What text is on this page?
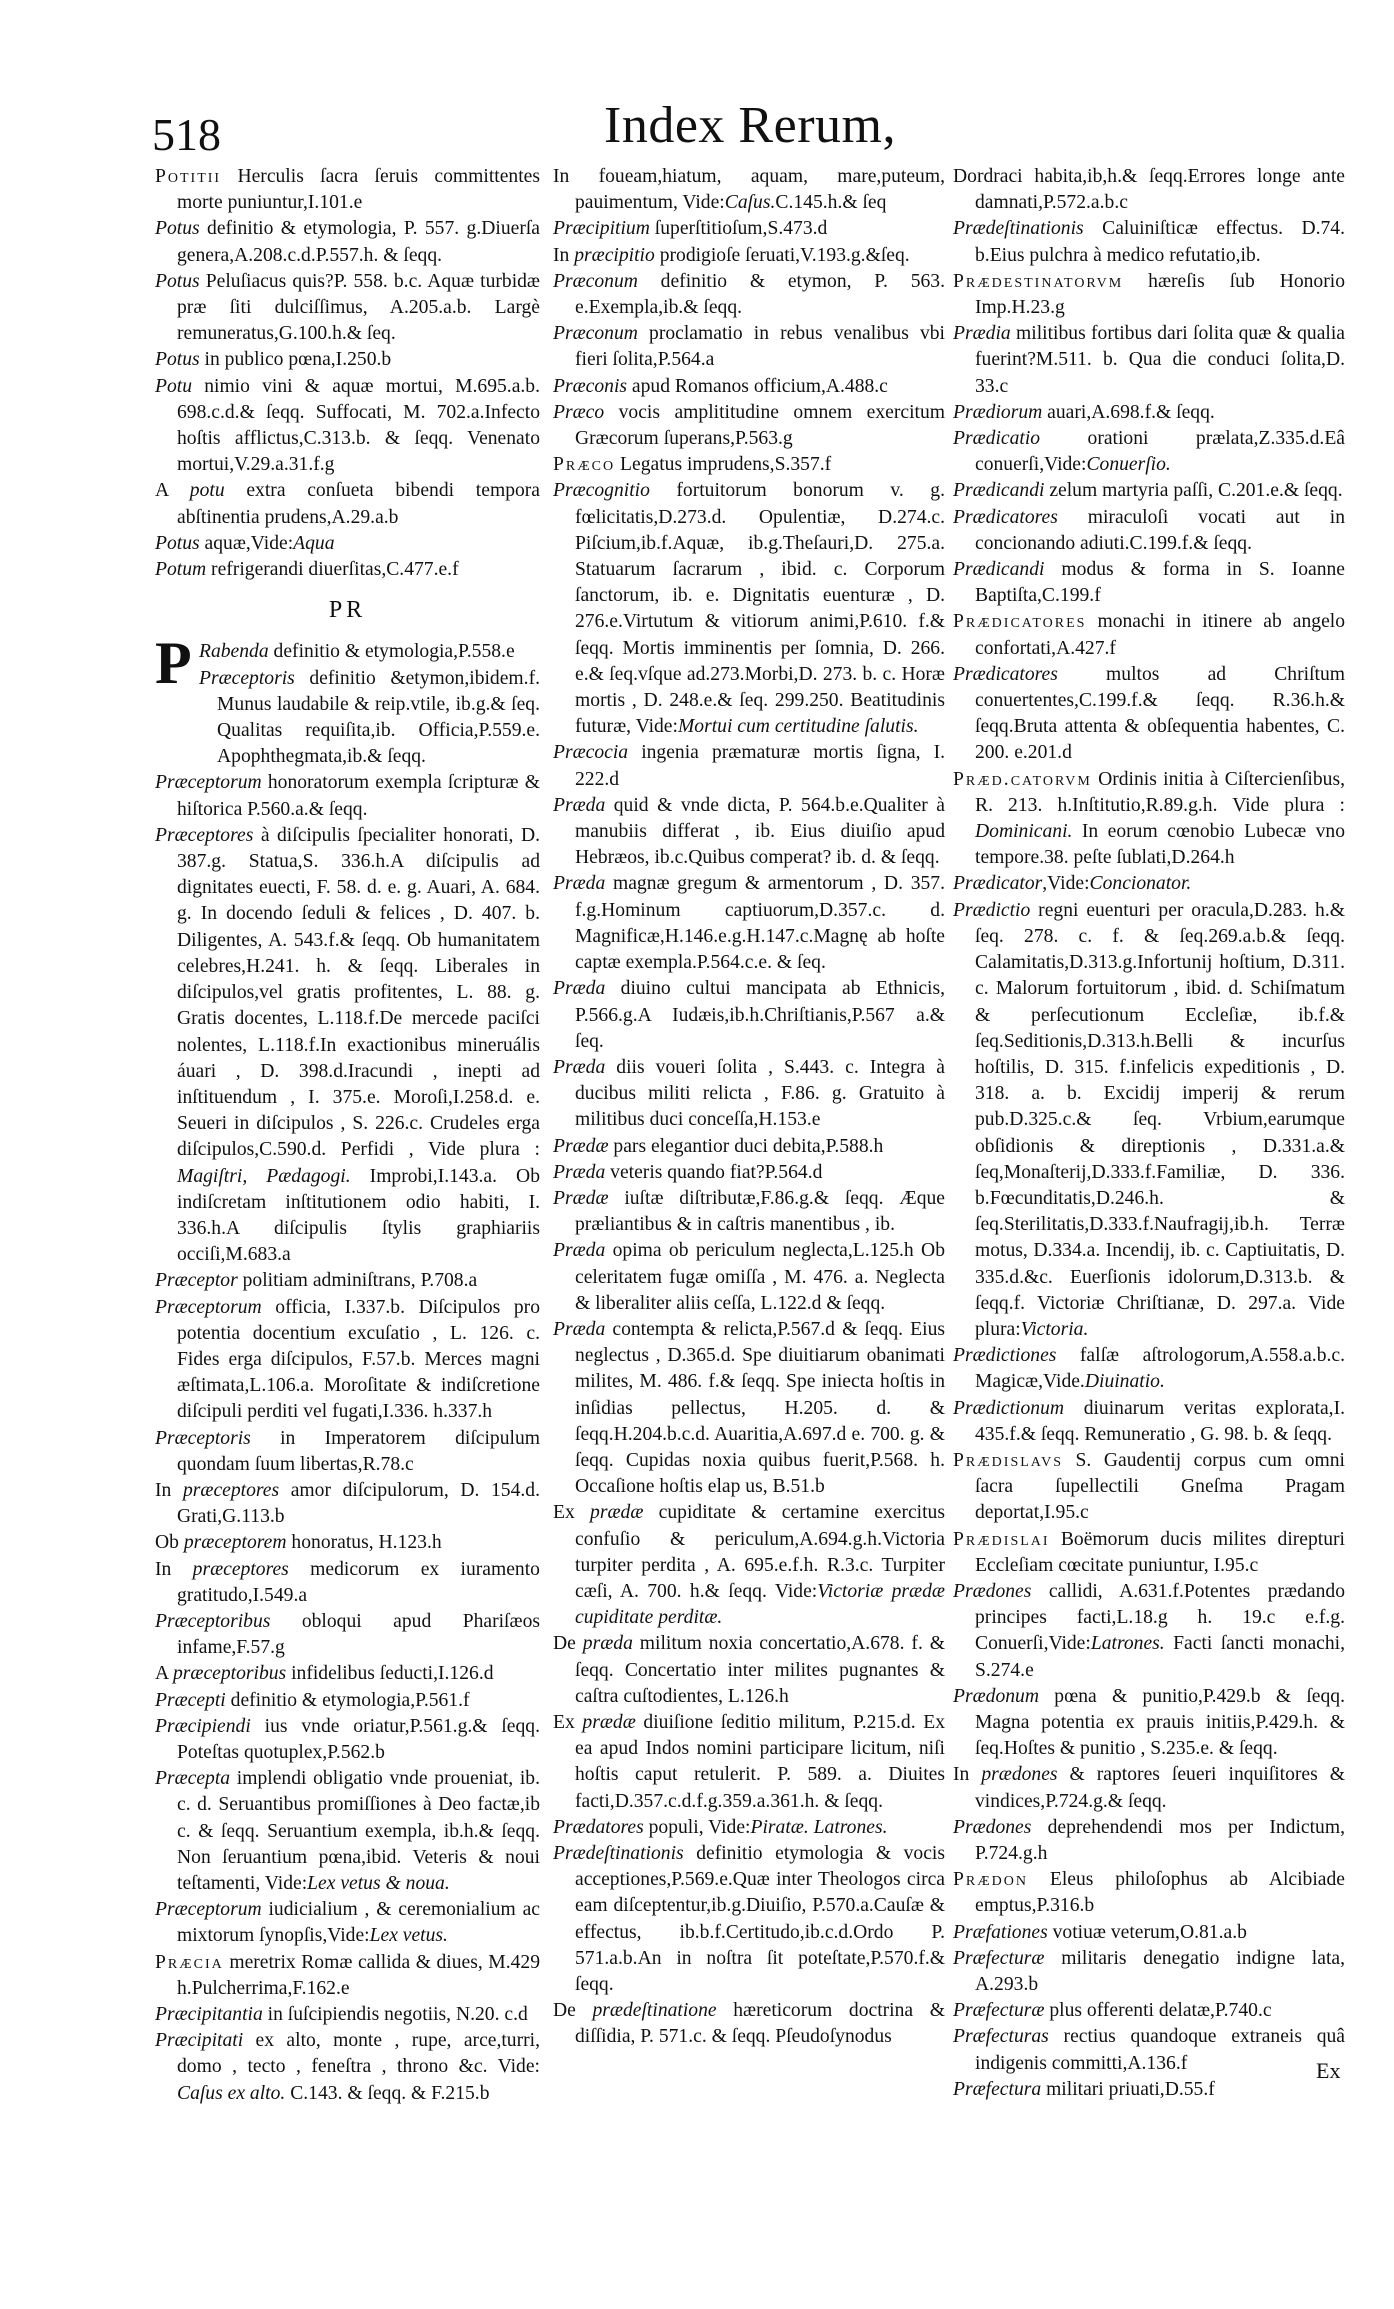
518	Index Rerum,
Potitii Herculis ſacra ſeruis committentes morte puniuntur,I.101.e
Potus definitio & etymologia, P. 557. g.Diuerſa genera,A.208.c.d.P.557.h. & ſeqq.
Potus Peluſiacus quis?P. 558. b.c. Aquæ turbidæ præ ſiti dulciſſimus, A.205.a.b. Largè remuneratus,G.100.h.& ſeq.
Potus in publico pœna,I.250.b
Potu nimio vini & aquæ mortui, M.695.a.b. 698.c.d.& ſeqq. Suffocati, M. 702.a.Infecto hoſtis afflictus,C.313.b. & ſeqq. Venenato mortui,V.29.a.31.f.g
A potu extra conſueta bibendi tempora abſtinentia prudens,A.29.a.b
Potus aquæ,Vide:Aqua
Potum refrigerandi diuerſitas,C.477.e.f
PR
P Rabenda definitio & etymologia,P.558.e
Præceptoris definitio &etymon,ibidem.f. Munus laudabile & reip.vtile, ib.g.& ſeq. Qualitas requiſita,ib. Officia,P.559.e. Apophthegmata,ib.& ſeqq.
Præceptorum honoratorum exempla ſcripturæ & hiſtorica P.560.a.& ſeqq.
Præceptores à diſcipulis ſpecialiter honorati, D. 387.g. Statua,S. 336.h.A diſcipulis ad dignitates euecti, F. 58. d. e. g. Auari, A. 684. g. In docendo ſeduli & felices , D. 407. b. Diligentes, A. 543.f.& ſeqq. Ob humanitatem celebres,H.241. h. & ſeqq. Liberales in diſcipulos,vel gratis profitentes, L. 88. g. Gratis docentes, L.118.f.De mercede paciſci nolentes, L.118.f.In exactionibus mineruális áuari , D. 398.d.Iracundi , inepti ad inſtituendum , I. 375.e. Moroſi,I.258.d. e. Seueri in diſcipulos , S. 226.c. Crudeles erga diſcipulos,C.590.d. Perfidi , Vide plura : Magiſtri, Pædagogi. Improbi,I.143.a. Ob indiſcretam inſtitutionem odio habiti, I. 336.h.A diſcipulis ſtylis graphiariis occiſi,M.683.a
Præceptor politiam adminiſtrans, P.708.a
Præceptorum officia, I.337.b. Diſcipulos pro potentia docentium excuſatio , L. 126. c. Fides erga diſcipulos, F.57.b. Merces magni æſtimata,L.106.a. Moroſitate & indiſcretione diſcipuli perditi vel fugati,I.336. h.337.h
Præceptoris in Imperatorem diſcipulum quondam ſuum libertas,R.78.c
In præceptores amor diſcipulorum, D. 154.d. Grati,G.113.b
Ob præceptorem honoratus, H.123.h
In præceptores medicorum ex iuramento gratitudo,I.549.a
Præceptoribus obloqui apud Phariſæos infame,F.57.g
A præceptoribus infidelibus ſeducti,I.126.d
Præcepti definitio & etymologia,P.561.f
Præcipiendi ius vnde oriatur,P.561.g.& ſeqq. Poteſtas quotuplex,P.562.b
Præcepta implendi obligatio vnde proueniat, ib. c. d. Seruantibus promiſſiones à Deo factæ,ib c. & ſeqq. Seruantium exempla, ib.h.& ſeqq. Non ſeruantium pœna,ibid. Veteris & noui teſtamenti, Vide:Lex vetus & noua.
Præceptorum iudicialium , & ceremonialium ac mixtorum ſynopſis,Vide:Lex vetus.
Præcia meretrix Romæ callida & diues, M.429 h.Pulcherrima,F.162.e
Præcipitantia in ſuſcipiendis negotiis, N.20. c.d
Præcipitati ex alto, monte , rupe, arce,turri, domo , tecto , feneſtra , throno &c. Vide: Caſus ex alto. C.143. & ſeqq. & F.215.b
In foueam,hiatum, aquam, mare,puteum, pauimentum, Vide:Caſus.C.145.h.& ſeq
Præcipitium ſuperſtitioſum,S.473.d
In præcipitio prodigioſe ſeruati,V.193.g.&ſeq.
Præconum definitio & etymon, P. 563. e.Exempla,ib.& ſeqq.
Præconum proclamatio in rebus venalibus vbi fieri ſolita,P.564.a
Præconis apud Romanos officium,A.488.c
Præco vocis amplititudine omnem exercitum Græcorum ſuperans,P.563.g
Præco Legatus imprudens,S.357.f
Præcognitio fortuitorum bonorum v. g. fœlicitatis,D.273.d. Opulentiæ, D.274.c. Piſcium,ib.f.Aquæ, ib.g.Theſauri,D. 275.a. Statuarum ſacrarum , ibid. c. Corporum ſanctorum, ib. e. Dignitatis euenturæ , D. 276.e.Virtutum & vitiorum animi,P.610. f.& ſeqq. Mortis imminentis per ſomnia, D. 266. e.& ſeq.vſque ad.273.Morbi,D. 273. b. c. Horæ mortis , D. 248.e.& ſeq. 299.250. Beatitudinis futuræ, Vide:Mortui cum certitudine ſalutis.
Præcocia ingenia præmaturæ mortis ſigna, I. 222.d
Præda quid & vnde dicta, P. 564.b.e.Qualiter à manubiis differat , ib. Eius diuiſio apud Hebræos, ib.c.Quibus comperat? ib. d. & ſeqq.
Præda magnæ gregum & armentorum , D. 357. f.g.Hominum captiuorum,D.357.c. d. Magnificæ,H.146.e.g.H.147.c.Magnę ab hoſte captæ exempla.P.564.c.e. & ſeq.
Præda diuino cultui mancipata ab Ethnicis, P.566.g.A Iudæis,ib.h.Chriſtianis,P.567 a.& ſeq.
Præda diis voueri ſolita , S.443. c. Integra à ducibus militi relicta , F.86. g. Gratuito à militibus duci conceſſa,H.153.e
Prædæ pars elegantior duci debita,P.588.h
Præda veteris quando fiat?P.564.d
Prædæ iuſtæ diſtributæ,F.86.g.& ſeqq. Æque præliantibus & in caſtris manentibus , ib.
Præda opima ob periculum neglecta,L.125.h Ob celeritatem fugæ omiſſa , M. 476. a. Neglecta & liberaliter aliis ceſſa, L.122.d & ſeqq.
Præda contempta & relicta,P.567.d & ſeqq. Eius neglectus , D.365.d. Spe diuitiarum obanimati milites, M. 486. f.& ſeqq. Spe iniecta hoſtis in inſidias pellectus, H.205. d. & ſeqq.H.204.b.c.d. Auaritia,A.697.d e. 700. g. & ſeqq. Cupidas noxia quibus fuerit,P.568. h. Occaſione hoſtis elap us, B.51.b
Ex prædæ cupiditate & certamine exercitus confuſio & periculum,A.694.g.h.Victoria turpiter perdita , A. 695.e.f.h. R.3.c. Turpiter cæſi, A. 700. h.& ſeqq. Vide:Victoriæ prædæ cupiditate perditæ.
De præda militum noxia concertatio,A.678. f. & ſeqq. Concertatio inter milites pugnantes & caſtra cuſtodientes, L.126.h
Ex prædæ diuiſione ſeditio militum, P.215.d. Ex ea apud Indos nomini participare licitum, niſi hoſtis caput retulerit. P. 589. a. Diuites facti,D.357.c.d.f.g.359.a.361.h. & ſeqq.
Prædatores populi, Vide:Piratæ. Latrones.
Prædeſtinationis definitio etymologia & vocis acceptiones,P.569.e.Quæ inter Theologos circa eam diſceptentur,ib.g.Diuiſio, P.570.a.Cauſæ & effectus, ib.b.f.Certitudo,ib.c.d.Ordo P. 571.a.b.An in noſtra ſit poteſtate,P.570.f.& ſeqq.
De prædeſtinatione hæreticorum doctrina & diſſidia, P. 571.c. & ſeqq. Pſeudoſynodus
Dordraci habita,ib,h.& ſeqq.Errores longe ante damnati,P.572.a.b.c
Prædeſtinationis Caluiniſticæ effectus. D.74. b.Eius pulchra à medico refutatio,ib.
Prædestinatorvm hæreſis ſub Honorio Imp.H.23.g
Prædia militibus fortibus dari ſolita quæ & qualia fuerint?M.511. b. Qua die conduci ſolita,D. 33.c
Prædiorum auari,A.698.f.& ſeqq.
Prædicatio orationi prælata,Z.335.d.Eâ conuerſi,Vide:Conuerſio.
Prædicandi zelum martyria paſſi, C.201.e.& ſeqq.
Prædicatores miraculoſi vocati aut in concionando adiuti.C.199.f.& ſeqq.
Prædicandi modus & forma in S. Ioanne Baptiſta,C.199.f
Prædicatores monachi in itinere ab angelo confortati,A.427.f
Prædicatores multos ad Chriſtum conuertentes,C.199.f.& ſeqq. R.36.h.& ſeqq.Bruta attenta & obſequentia habentes, C. 200. e.201.d
Præd.catorvm Ordinis initia à Ciſterc​ienſibus, R. 213. h.Inſtitutio,R.89.g.h. Vide plura : Dominicani. In eorum cœnobio Lubecæ vno tempore.38. peſte ſublati,D.264.h
Prædicator,Vide:Concionator.
Prædictio regni euenturi per oracula,D.283. h.& ſeq. 278. c. f. & ſeq.269.a.b.& ſeqq. Calamitatis,D.313.g.Infortunij hoſtium, D.311. c. Malorum fortuitorum , ibid. d. Schiſmatum & perſecutionum Eccleſiæ, ib.f.& ſeq.Seditionis,D.313.h.Belli & incurſus hoſtilis, D. 315. f.infelicis expeditionis , D. 318. a. b. Excidij imperij & rerum pub.D.325.c.& ſeq. Vrbium,earumque obſidionis & direptionis , D.331.a.& ſeq,Monaſterij,D.333.f.Familiæ, D. 336. b.Fœcunditatis,D.246.h. & ſeq.Sterilitatis,D.333.f.Naufragij,ib.h. Terræ motus, D.334.a. Incendij, ib. c. Captiuitatis, D. 335.d.&c. Euerſionis idolorum,D.313.b. & ſeqq.f. Victoriæ Chriſtianæ, D. 297.a. Vide plura:Victoria.
Prædictiones falſæ aſtrologorum,A.558.a.b.c. Magicæ,Vide.Diuinatio.
Prædictionum diuinarum veritas explorata,I. 435.f.& ſeqq. Remuneratio , G. 98. b. & ſeqq.
Prædislavs S. Gaudentij corpus cum omni ſacra ſupellectili Gneſma Pragam deportat,I.95.c
Prædislai Boëmorum ducis milites direpturi Eccleſiam cœcitate puniuntur, I.95.c
Prædones callidi, A.631.f.Potentes prædando principes facti,L.18.g h. 19.c e.f.g. Conuerſi,Vide:Latrones. Facti ſancti monachi, S.274.e
Prædonum pœna & punitio,P.429.b & ſeqq. Magna potentia ex prauis initiis,P.429.h. & ſeq.Hoſtes & punitio , S.235.e. & ſeqq.
In prædones & raptores ſeueri inquiſitores & vindices,P.724.g.& ſeqq.
Prædones deprehendendi mos per Indictum, P.724.g.h
Prædon Eleus philoſophus ab Alcibiade emptus,P.316.b
Præfationes votiuæ veterum,O.81.a.b
Præfecturæ militaris denegatio indigne lata, A.293.b
Præfecturæ plus offerenti delatæ,P.740.c
Præfecturas rectius quandoque extraneis quâ indigenis committi,A.136.f
Præfectura militari priuati,D.55.f
Ex
